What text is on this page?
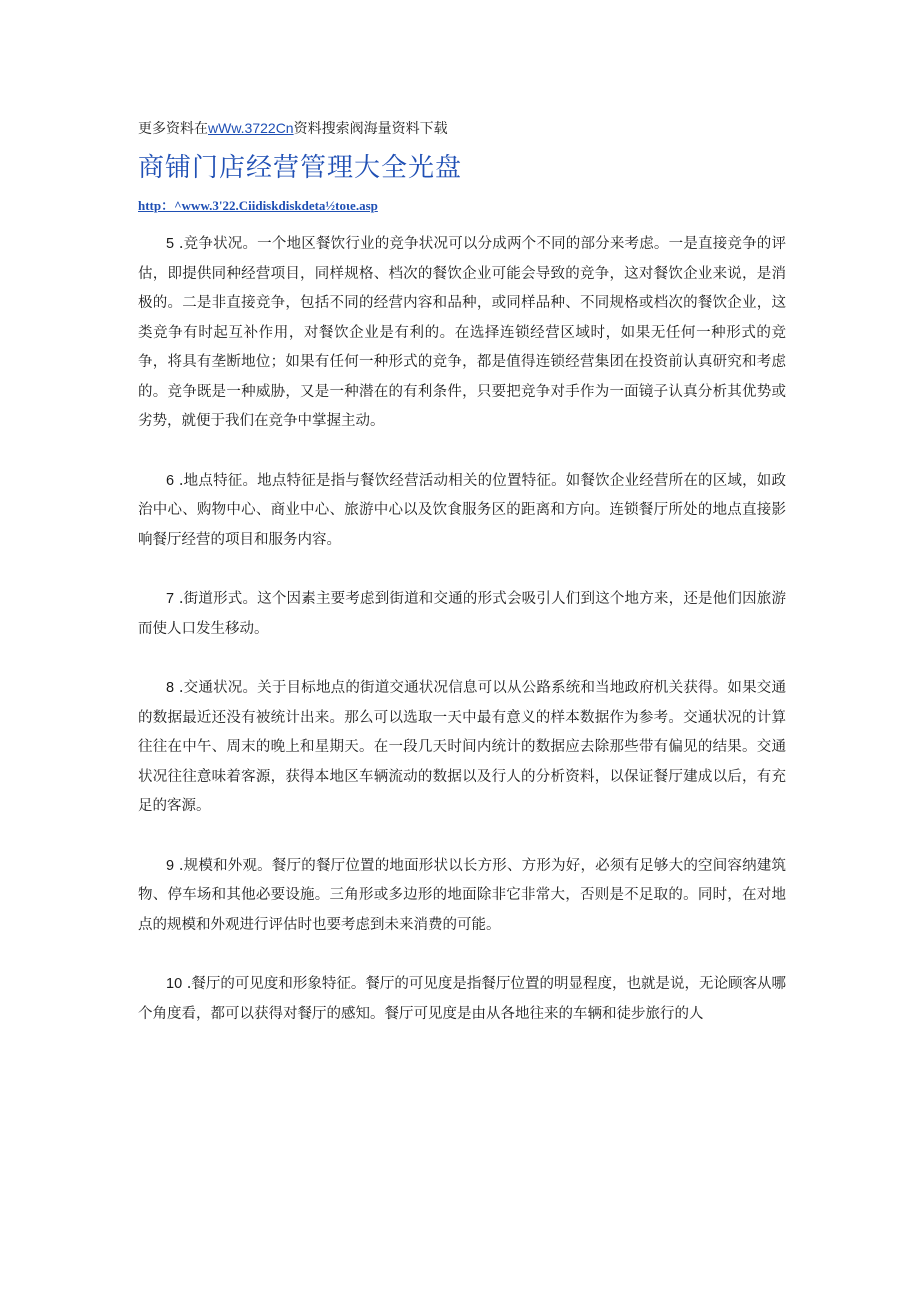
更多资料在wWw.3722Cn资料搜索阀海量资料下载
商铺门店经营管理大全光盘
http：^www.3'22.Ciidiskdiskdeta½toιe.asp

5 .竞争状况。一个地区餐饮行业的竞争状况可以分成两个不同的部分来考虑。一是直接竞争的评估，即提供同种经营项目，同样规格、档次的餐饮企业可能会导致的竞争，这对餐饮企业来说，是消极的。二是非直接竞争，包括不同的经营内容和品种，或同样品种、不同规格或档次的餐饮企业，这类竞争有时起互补作用，对餐饮企业是有利的。在选择连锁经营区域时，如果无任何一种形式的竞争，将具有垄断地位；如果有任何一种形式的竞争，都是值得连锁经营集团在投资前认真研究和考虑的。竞争既是一种威胁，又是一种潜在的有利条件，只要把竞争对手作为一面镜子认真分析其优势或劣势，就便于我们在竞争中掌握主动。

6 .地点特征。地点特征是指与餐饮经营活动相关的位置特征。如餐饮企业经营所在的区域，如政治中心、购物中心、商业中心、旅游中心以及饮食服务区的距离和方向。连锁餐厅所处的地点直接影响餐厅经营的项目和服务内容。

7 .街道形式。这个因素主要考虑到街道和交通的形式会吸引人们到这个地方来，还是他们因旅游而使人口发生移动。

8 .交通状况。关于目标地点的街道交通状况信息可以从公路系统和当地政府机关获得。如果交通的数据最近还没有被统计出来。那么可以选取一天中最有意义的样本数据作为参考。交通状况的计算往往在中午、周末的晚上和星期天。在一段几天时间内统计的数据应去除那些带有偏见的结果。交通状况往往意味着客源，获得本地区车辆流动的数据以及行人的分析资料，以保证餐厅建成以后，有充足的客源。

9 .规模和外观。餐厅的餐厅位置的地面形状以长方形、方形为好，必须有足够大的空间容纳建筑物、停车场和其他必要设施。三角形或多边形的地面除非它非常大，否则是不足取的。同时，在对地点的规模和外观进行评估时也要考虑到未来消费的可能。

10 .餐厅的可见度和形象特征。餐厅的可见度是指餐厅位置的明显程度，也就是说，无论顾客从哪个角度看，都可以获得对餐厅的感知。餐厅可见度是由从各地往来的车辆和徒步旅行的人
